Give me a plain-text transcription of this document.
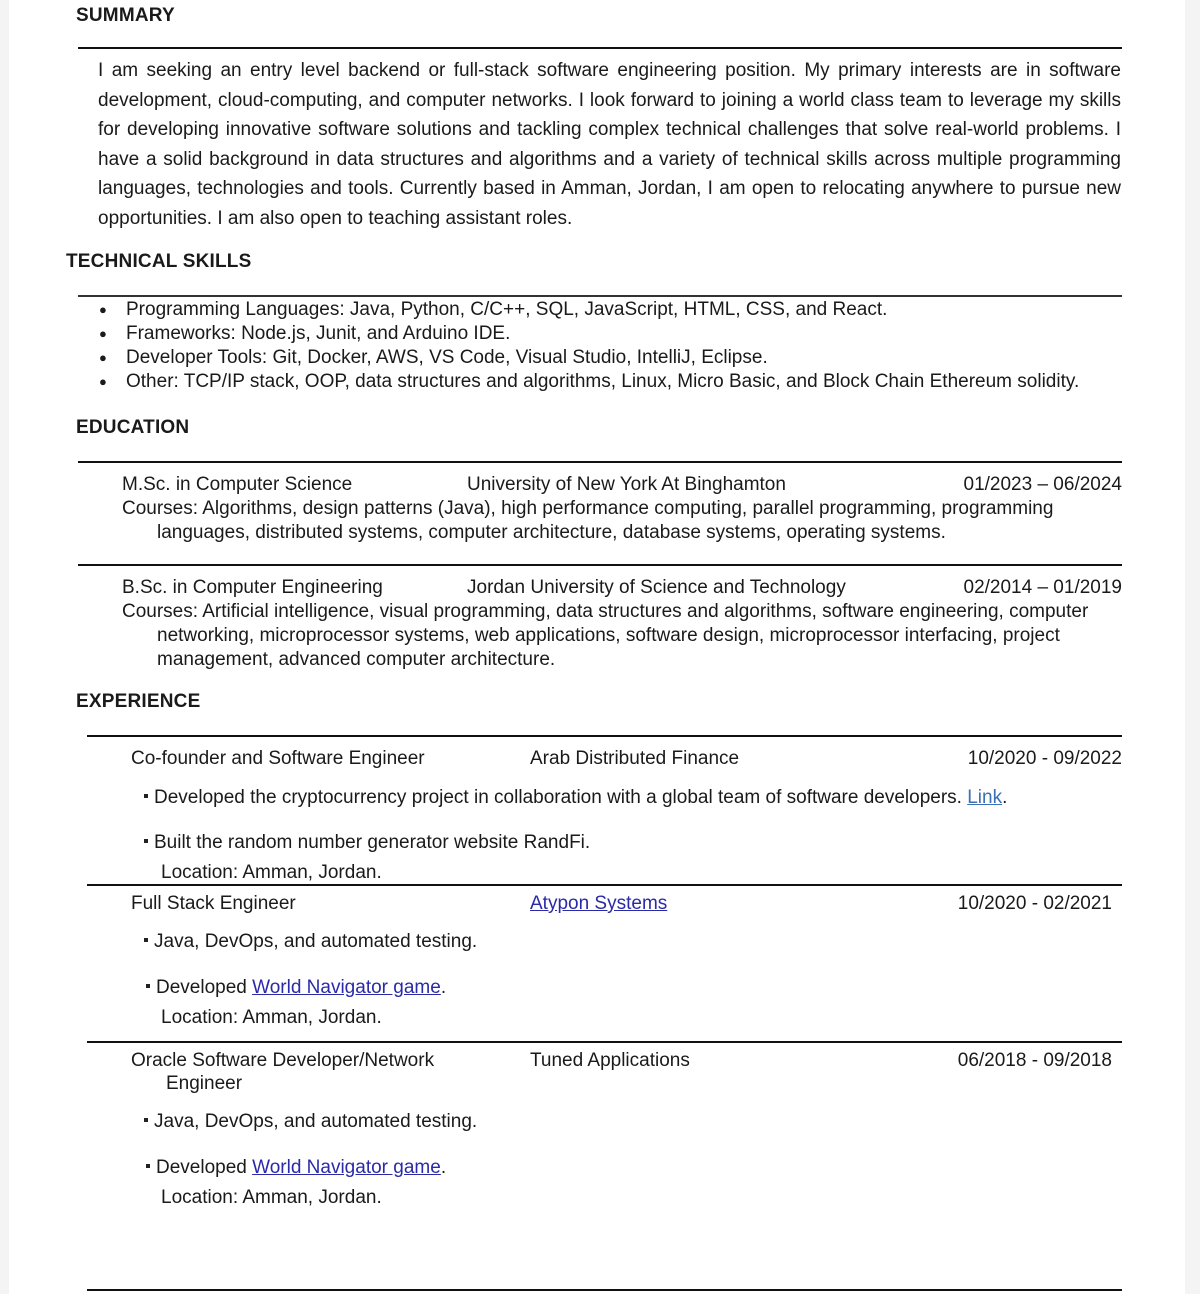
SUMMARY
I am seeking an entry level backend or full-stack software engineering position. My primary interests are in software development, cloud-computing, and computer networks. I look forward to joining a world class team to leverage my skills for developing innovative software solutions and tackling complex technical challenges that solve real-world problems. I have a solid background in data structures and algorithms and a variety of technical skills across multiple programming languages, technologies and tools. Currently based in Amman, Jordan, I am open to relocating anywhere to pursue new opportunities. I am also open to teaching assistant roles.
TECHNICAL SKILLS
● Programming Languages: Java, Python, C/C++, SQL, JavaScript, HTML, CSS, and React.
● Frameworks: Node.js, Junit, and Arduino IDE.
● Developer Tools: Git, Docker, AWS, VS Code, Visual Studio, IntelliJ, Eclipse.
● Other: TCP/IP stack, OOP, data structures and algorithms, Linux, Micro Basic, and Block Chain Ethereum solidity.
EDUCATION
M.Sc. in Computer Science	University of New York At Binghamton	01/2023 – 06/2024
Courses: Algorithms, design patterns (Java), high performance computing, parallel programming, programming
languages, distributed systems, computer architecture, database systems, operating systems.
B.Sc. in Computer Engineering	Jordan University of Science and Technology	02/2014 – 01/2019
Courses: Artificial intelligence, visual programming, data structures and algorithms, software engineering, computer
networking, microprocessor systems, web applications, software design, microprocessor interfacing, project
management, advanced computer architecture.
EXPERIENCE
Co-founder and Software Engineer	Arab Distributed Finance	10/2020 - 09/2022
Developed the cryptocurrency project in collaboration with a global team of software developers. Link.
Built the random number generator website RandFi.
Location: Amman, Jordan.
Full Stack Engineer	Atypon Systems	10/2020 - 02/2021
Java, DevOps, and automated testing.
Developed World Navigator game.
Location: Amman, Jordan.
Oracle Software Developer/Network
Engineer
Tuned Applications	06/2018 - 09/2018
Java, DevOps, and automated testing.
Developed World Navigator game.
Location: Amman, Jordan.
